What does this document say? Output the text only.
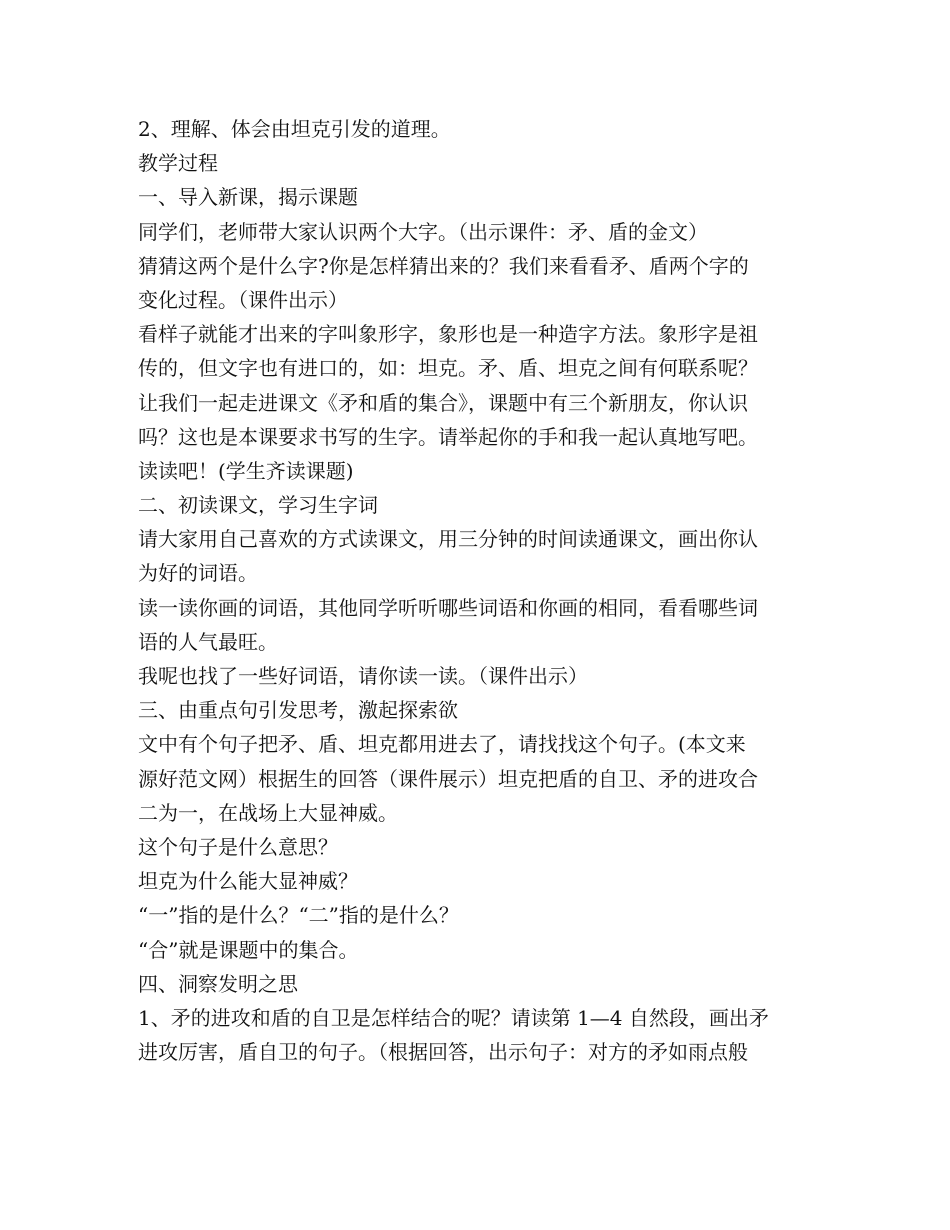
2、理解、体会由坦克引发的道理。
教学过程
一、导入新课，揭示课题
同学们，老师带大家认识两个大字。（出示课件：矛、盾的金文）
猜猜这两个是什么字?你是怎样猜出来的？我们来看看矛、盾两个字的
变化过程。（课件出示）
看样子就能才出来的字叫象形字，象形也是一种造字方法。象形字是祖
传的，但文字也有进口的，如：坦克。矛、盾、坦克之间有何联系呢？
让我们一起走进课文《矛和盾的集合》，课题中有三个新朋友，你认识
吗？这也是本课要求书写的生字。请举起你的手和我一起认真地写吧。
读读吧！(学生齐读课题)
二、初读课文，学习生字词
请大家用自己喜欢的方式读课文，用三分钟的时间读通课文，画出你认
为好的词语。
读一读你画的词语，其他同学听听哪些词语和你画的相同，看看哪些词
语的人气最旺。
我呢也找了一些好词语，请你读一读。（课件出示）
三、由重点句引发思考，激起探索欲
文中有个句子把矛、盾、坦克都用进去了，请找找这个句子。(本文来
源好范文网）根据生的回答（课件展示）坦克把盾的自卫、矛的进攻合
二为一，在战场上大显神威。
这个句子是什么意思？
坦克为什么能大显神威？
“一”指的是什么？“二”指的是什么？
“合”就是课题中的集合。
四、洞察发明之思
1、矛的进攻和盾的自卫是怎样结合的呢？请读第 1—4 自然段，画出矛
进攻厉害，盾自卫的句子。（根据回答，出示句子：对方的矛如雨点般
